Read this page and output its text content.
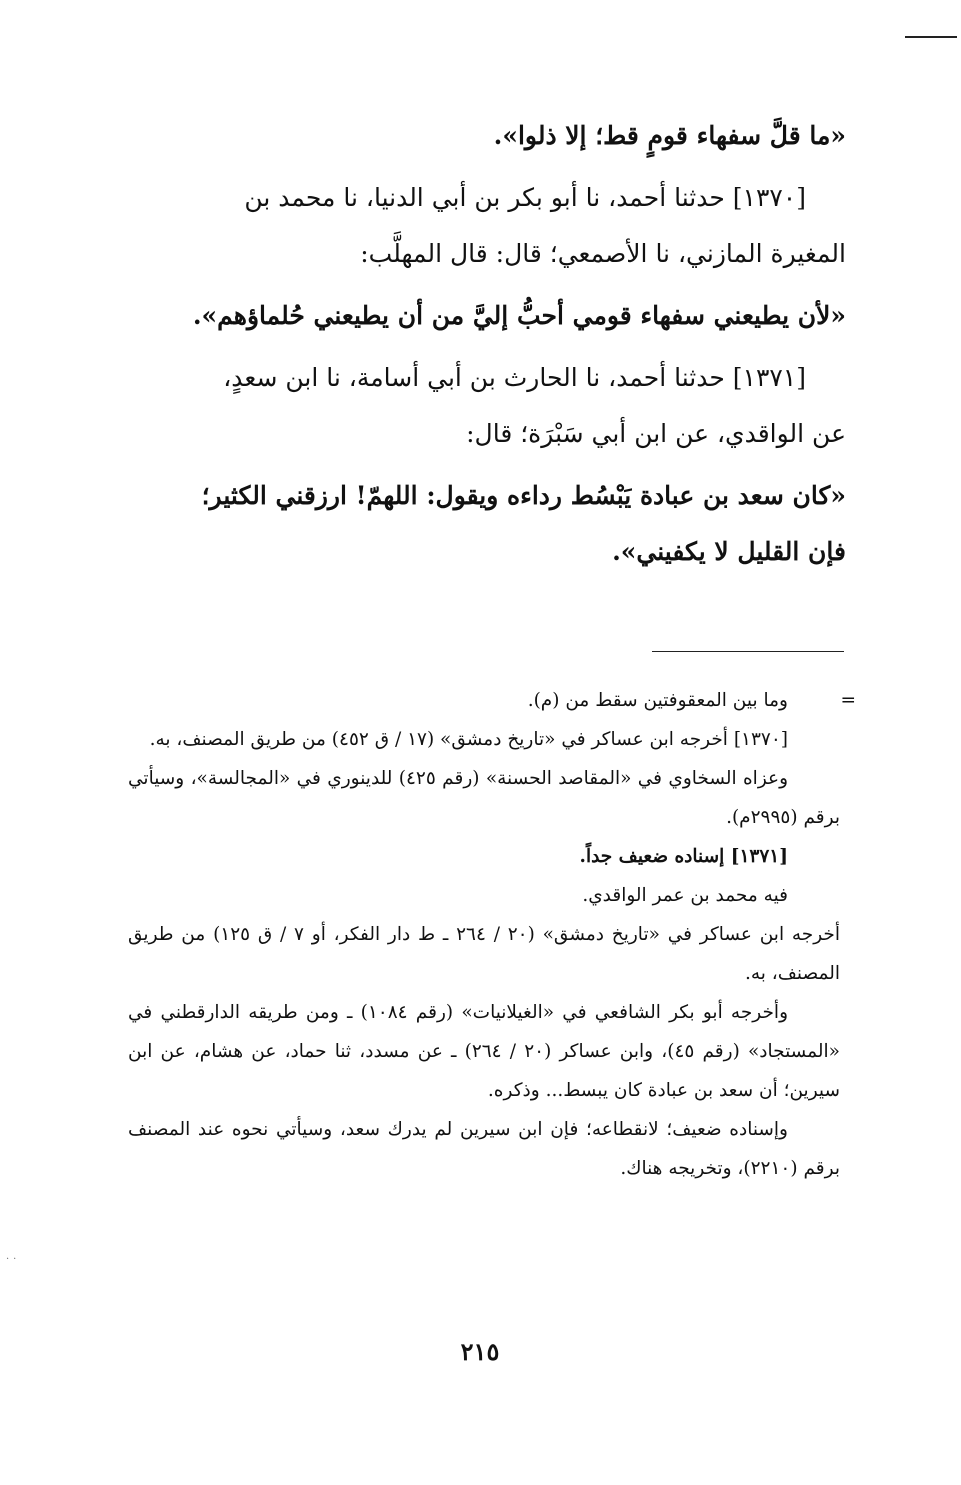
«ما قلَّ سفهاء قومٍ قط؛ إلا ذلوا».

[١٣٧٠] حدثنا أحمد، نا أبو بكر بن أبي الدنيا، نا محمد بن
المغيرة المازني، نا الأصمعي؛ قال: قال المهلَّب:

«لأن يطيعني سفهاء قومي أحبُّ إليَّ من أن يطيعني حُلماؤهم».

[١٣٧١] حدثنا أحمد، نا الحارث بن أبي أسامة، نا ابن سعدٍ،
عن الواقدي، عن ابن أبي سَبْرَة؛ قال:

«كان سعد بن عبادة يَبْسُط رداءه ويقول: اللهمّ! ارزقني الكثير؛
فإن القليل لا يكفيني».

=
وما بين المعقوفتين سقط من (م).

[١٣٧٠] أخرجه ابن عساكر في «تاريخ دمشق» (١٧ / ق ٤٥٢) من طريق المصنف، به.

وعزاه السخاوي في «المقاصد الحسنة» (رقم ٤٢٥) للدينوري في «المجالسة»، وسيأتي برقم (٢٩٩٥م).

[١٣٧١] إسناده ضعيف جداً.

فيه محمد بن عمر الواقدي.

أخرجه ابن عساكر في «تاريخ دمشق» (٢٠ / ٢٦٤ ـ ط دار الفكر، أو ٧ / ق ١٢٥) من طريق المصنف، به.

وأخرجه أبو بكر الشافعي في «الغيلانيات» (رقم ١٠٨٤) ـ ومن طريقه الدارقطني في «المستجاد» (رقم ٤٥)، وابن عساكر (٢٠ / ٢٦٤) ـ عن مسدد، ثنا حماد، عن هشام، عن ابن سيرين؛ أن سعد بن عبادة كان يبسط... وذكره.

وإسناده ضعيف؛ لانقطاعه؛ فإن ابن سيرين لم يدرك سعد، وسيأتي نحوه عند المصنف برقم (٢٢١٠)، وتخريجه هناك.

··
٢١٥
